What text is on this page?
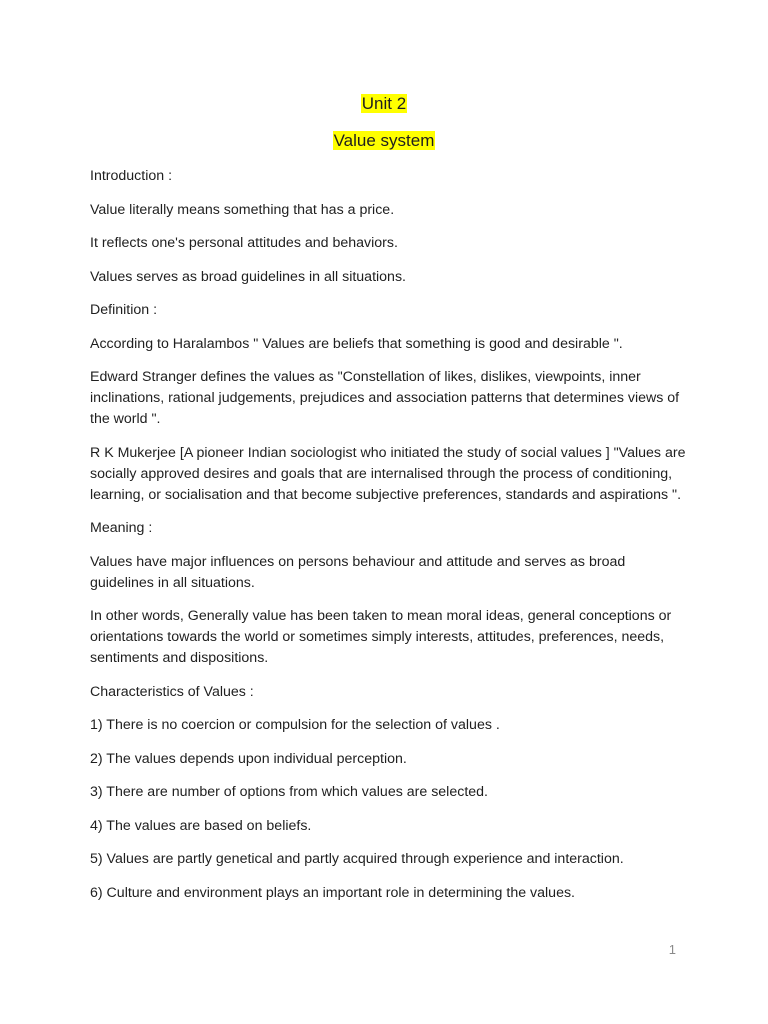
Unit 2
Value system

Introduction :

Value literally means something that has a price.

It reflects one's personal attitudes and behaviors.

Values serves as broad guidelines in all situations.

Definition :

According to Haralambos " Values are beliefs that something is good and desirable ".

Edward Stranger defines the values as "Constellation of likes, dislikes, viewpoints, inner inclinations, rational judgements, prejudices and association patterns that determines views of the world ".

R K Mukerjee [A pioneer Indian sociologist who initiated the study of social values ] "Values are socially approved desires and goals that are internalised through the process of conditioning, learning, or socialisation and that become subjective preferences, standards and aspirations ".

Meaning :

Values have major influences on persons behaviour and attitude and serves as broad guidelines in all situations.

In other words, Generally value has been taken to mean moral ideas, general conceptions or orientations towards the world or sometimes simply interests, attitudes, preferences, needs, sentiments and dispositions.

Characteristics of Values :

1) There is no coercion or compulsion for the selection of values .

2) The values depends upon individual perception.

3) There are number of options from which values are selected.

4) The values are based on beliefs.

5) Values are partly genetical and partly acquired through experience and interaction.

6) Culture and environment plays an important role in determining the values.

1
